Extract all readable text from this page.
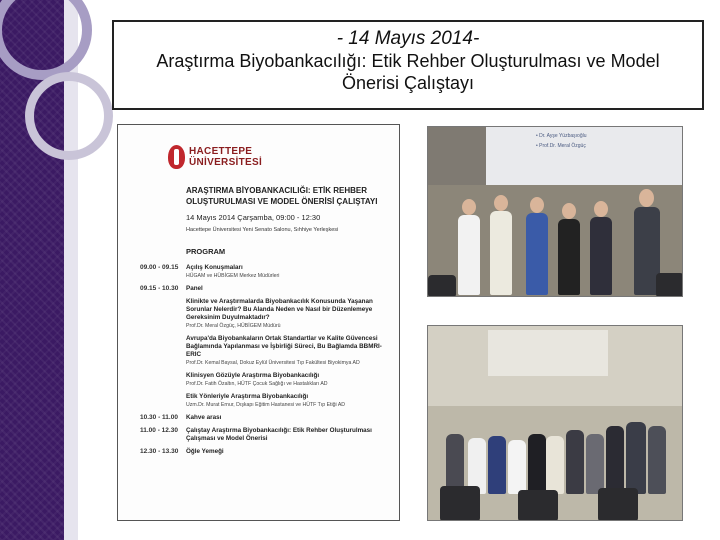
- 14 Mayıs 2014-
Araştırma Biyobankacılığı: Etik Rehber Oluşturulması ve Model Önerisi Çalıştayı
HACETTEPE
ÜNİVERSİTESİ
ARAŞTIRMA BİYOBANKACILIĞI: ETİK REHBER OLUŞTURULMASI VE MODEL ÖNERİSİ ÇALIŞTAYI
14 Mayıs 2014 Çarşamba, 09:00 - 12:30
Hacettepe Üniversitesi Yeni Senato Salonu, Sıhhiye Yerleşkesi
PROGRAM
09.00 - 09.15	Açılış Konuşmaları
HÜGAM ve HÜBİGEM Merkez Müdürleri
09.15 - 10.30	Panel
Klinikte ve Araştırmalarda Biyobankacılık Konusunda Yaşanan Sorunlar Nelerdir? Bu Alanda Neden ve Nasıl bir Düzenlemeye Gereksinim Duyulmaktadır?
Prof.Dr. Meral Özgüç, HÜBİGEM Müdürü
Avrupa'da Biyobankaların Ortak Standartlar ve Kalite Güvencesi Bağlamında Yapılanması ve İşbirliği Süreci, Bu Bağlamda BBMRI-ERIC
Prof.Dr. Kemal Baysal, Dokuz Eylül Üniversitesi Tıp Fakültesi Biyokimya AD
Klinisyen Gözüyle Araştırma Biyobankacılığı
Prof.Dr. Fatih Özaltın, HÜTF Çocuk Sağlığı ve Hastalıkları AD
Etik Yönleriyle Araştırma Biyobankacılığı
Uzm.Dr. Murat Ernur, Dışkapı Eğitim Hastanesi ve HÜTF Tıp Etiği AD
10.30 - 11.00	Kahve arası
11.00 - 12.30	Çalıştay Araştırma Biyobankacılığı: Etik Rehber Oluşturulması Çalışması ve Model Önerisi
12.30 - 13.30	Öğle Yemeği
• Dr. Ayşe Yüzbaşıoğlu
• Prof.Dr. Meral Özgüç
